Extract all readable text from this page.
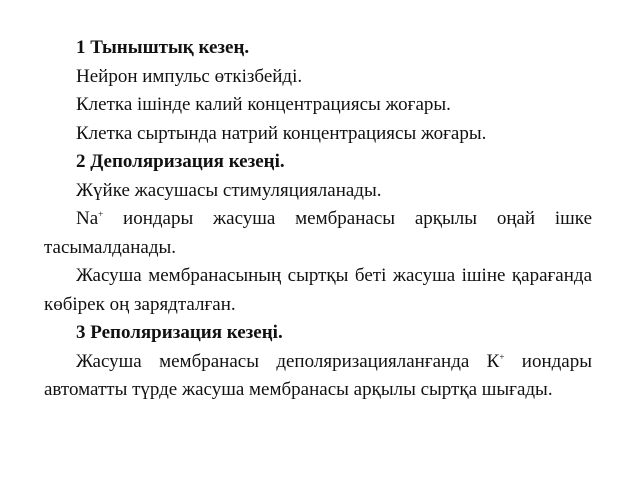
1 Тыныштық кезең.

Нейрон импульс өткізбейді.

Клетка ішінде калий концентрациясы жоғары.

Клетка сыртында натрий концентрациясы жоғары.

2 Деполяризация кезеңі.

Жүйке жасушасы стимуляцияланады.

Na+ иондары жасуша мембранасы арқылы оңай ішке тасымалданады.

Жасуша мембранасының сыртқы беті жасуша ішіне қарағанда көбірек оң зарядталған.

3 Реполяризация кезеңі.

Жасуша мембранасы деполяризацияланғанда К+ иондары автоматты түрде жасуша мембранасы арқылы сыртқа шығады.
